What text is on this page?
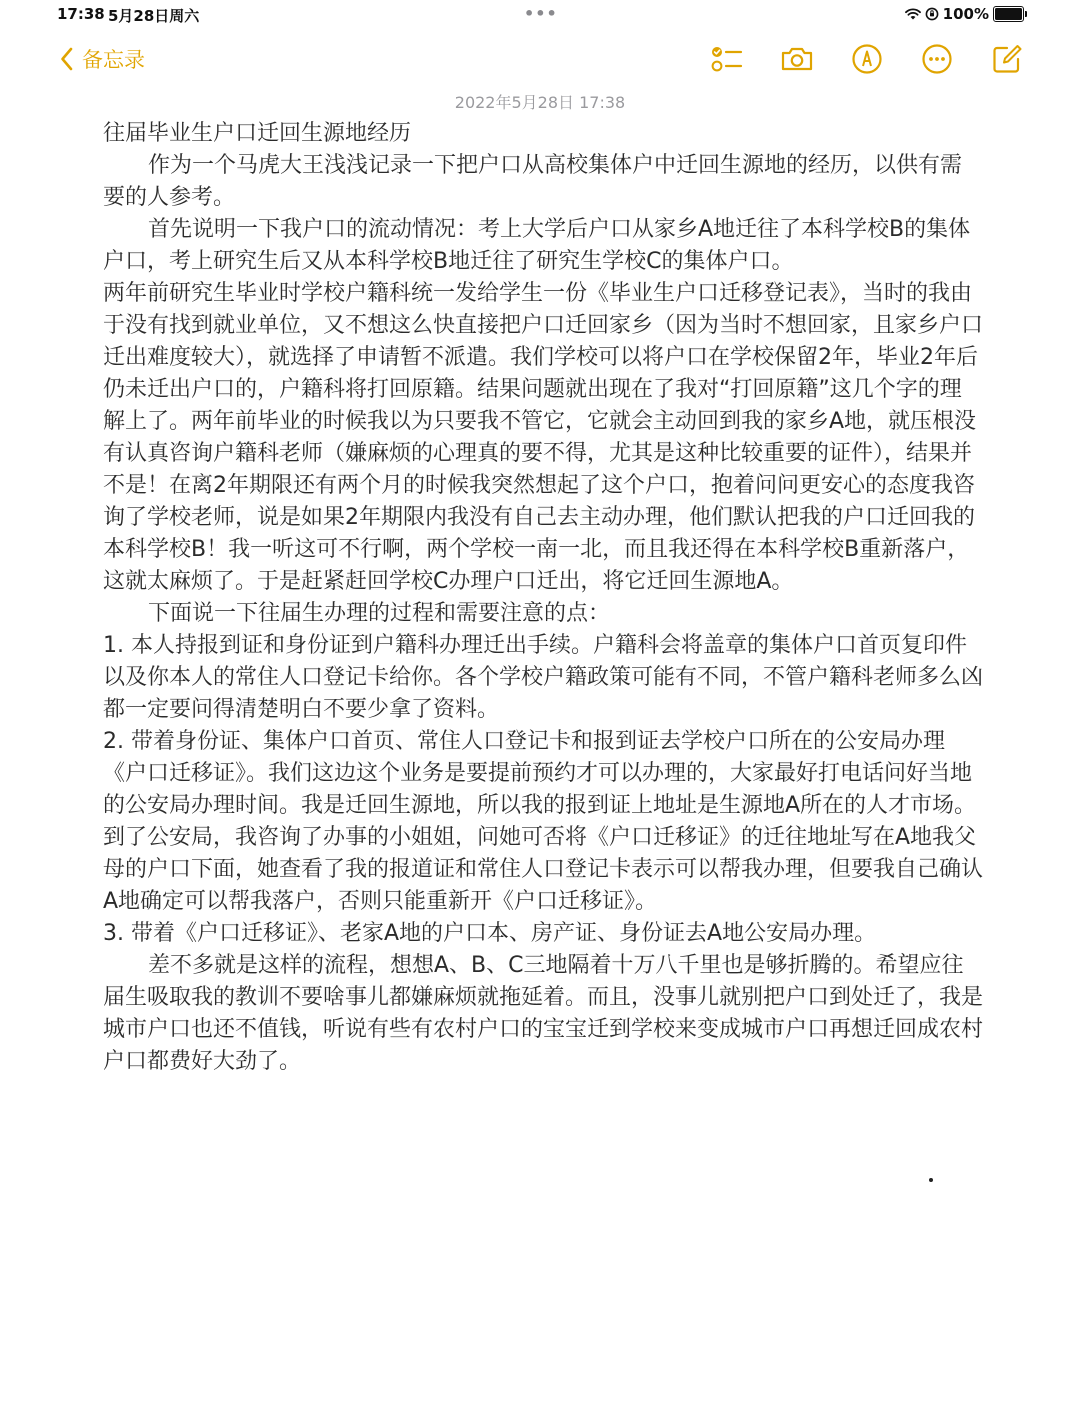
17:38 5月28日周六	•••	100%
备忘录
2022年5月28日 17:38

往届毕业生户口迁回生源地经历

作为一个马虎大王浅浅记录一下把户口从高校集体户中迁回生源地的经历，以供有需要的人参考。

首先说明一下我户口的流动情况：考上大学后户口从家乡A地迁往了本科学校B的集体户口，考上研究生后又从本科学校B地迁往了研究生学校C的集体户口。

两年前研究生毕业时学校户籍科统一发给学生一份《毕业生户口迁移登记表》，当时的我由于没有找到就业单位，又不想这么快直接把户口迁回家乡（因为当时不想回家，且家乡户口迁出难度较大），就选择了申请暂不派遣。我们学校可以将户口在学校保留2年，毕业2年后仍未迁出户口的，户籍科将打回原籍。结果问题就出现在了我对“打回原籍”这几个字的理解上了。两年前毕业的时候我以为只要我不管它，它就会主动回到我的家乡A地，就压根没有认真咨询户籍科老师（嫌麻烦的心理真的要不得，尤其是这种比较重要的证件），结果并不是！在离2年期限还有两个月的时候我突然想起了这个户口，抱着问问更安心的态度我咨询了学校老师，说是如果2年期限内我没有自己去主动办理，他们默认把我的户口迁回我的本科学校B！我一听这可不行啊，两个学校一南一北，而且我还得在本科学校B重新落户，这就太麻烦了。于是赶紧赶回学校C办理户口迁出，将它迁回生源地A。

下面说一下往届生办理的过程和需要注意的点：

1. 本人持报到证和身份证到户籍科办理迁出手续。户籍科会将盖章的集体户口首页复印件以及你本人的常住人口登记卡给你。各个学校户籍政策可能有不同，不管户籍科老师多么凶都一定要问得清楚明白不要少拿了资料。

2. 带着身份证、集体户口首页、常住人口登记卡和报到证去学校户口所在的公安局办理《户口迁移证》。我们这边这个业务是要提前预约才可以办理的，大家最好打电话问好当地的公安局办理时间。我是迁回生源地，所以我的报到证上地址是生源地A所在的人才市场。到了公安局，我咨询了办事的小姐姐，问她可否将《户口迁移证》的迁往地址写在A地我父母的户口下面，她查看了我的报道证和常住人口登记卡表示可以帮我办理，但要我自己确认A地确定可以帮我落户，否则只能重新开《户口迁移证》。

3. 带着《户口迁移证》、老家A地的户口本、房产证、身份证去A地公安局办理。

差不多就是这样的流程，想想A、B、C三地隔着十万八千里也是够折腾的。希望应往届生吸取我的教训不要啥事儿都嫌麻烦就拖延着。而且，没事儿就别把户口到处迁了，我是城市户口也还不值钱，听说有些有农村户口的宝宝迁到学校来变成城市户口再想迁回成农村户口都费好大劲了。
